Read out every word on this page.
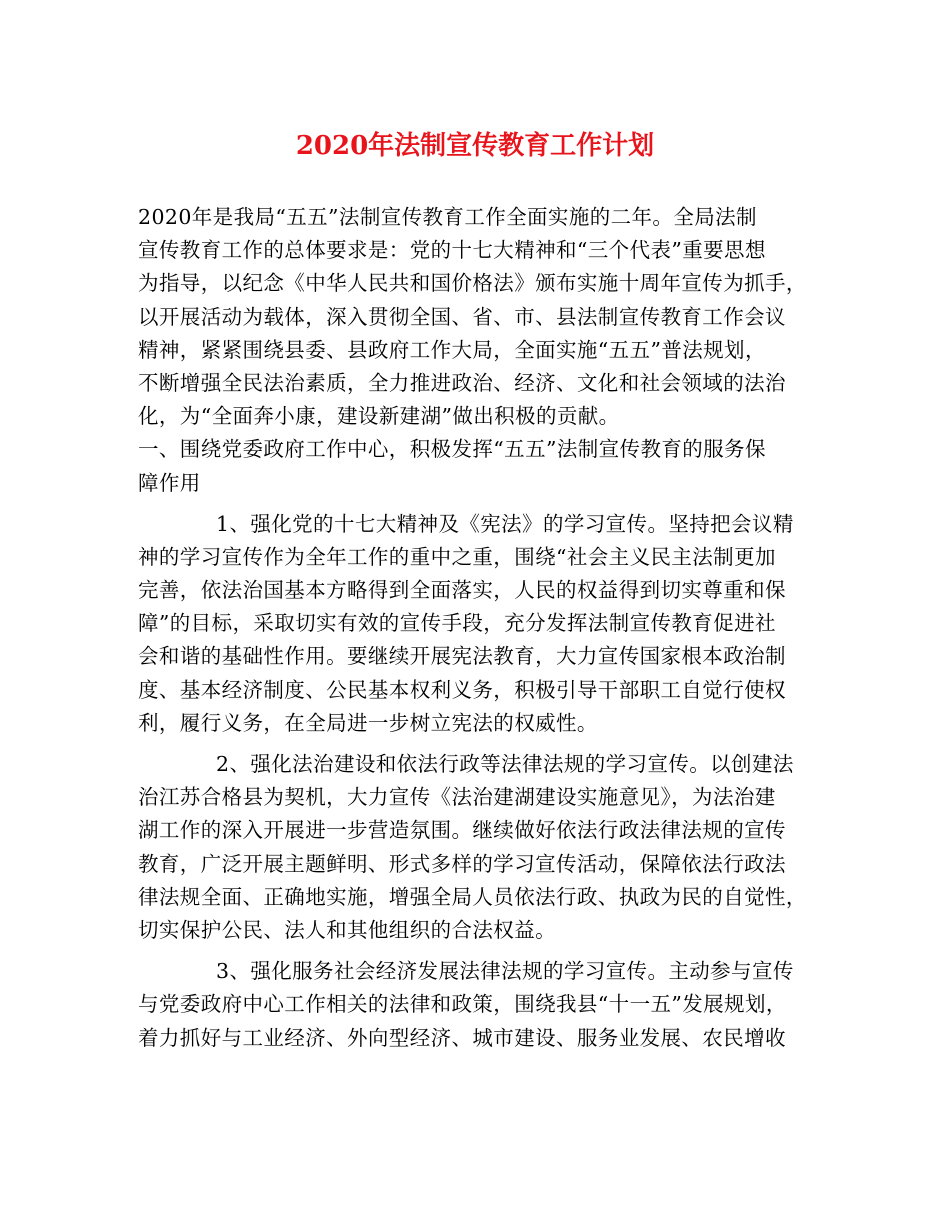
2020年法制宣传教育工作计划
2020年是我局“五五”法制宣传教育工作全面实施的二年。全局法制
宣传教育工作的总体要求是：党的十七大精神和“三个代表”重要思想
为指导，以纪念《中华人民共和国价格法》颁布实施十周年宣传为抓手，
以开展活动为载体，深入贯彻全国、省、市、县法制宣传教育工作会议
精神，紧紧围绕县委、县政府工作大局，全面实施“五五”普法规划，
不断增强全民法治素质，全力推进政治、经济、文化和社会领域的法治
化，为“全面奔小康，建设新建湖”做出积极的贡献。
一、围绕党委政府工作中心，积极发挥“五五”法制宣传教育的服务保
障作用
1、强化党的十七大精神及《宪法》的学习宣传。坚持把会议精
神的学习宣传作为全年工作的重中之重，围绕“社会主义民主法制更加
完善，依法治国基本方略得到全面落实，人民的权益得到切实尊重和保
障”的目标，采取切实有效的宣传手段，充分发挥法制宣传教育促进社
会和谐的基础性作用。要继续开展宪法教育，大力宣传国家根本政治制
度、基本经济制度、公民基本权利义务，积极引导干部职工自觉行使权
利，履行义务，在全局进一步树立宪法的权威性。
2、强化法治建设和依法行政等法律法规的学习宣传。以创建法
治江苏合格县为契机，大力宣传《法治建湖建设实施意见》，为法治建
湖工作的深入开展进一步营造氛围。继续做好依法行政法律法规的宣传
教育，广泛开展主题鲜明、形式多样的学习宣传活动，保障依法行政法
律法规全面、正确地实施，增强全局人员依法行政、执政为民的自觉性，
切实保护公民、法人和其他组织的合法权益。
3、强化服务社会经济发展法律法规的学习宣传。主动参与宣传
与党委政府中心工作相关的法律和政策，围绕我县“十一五”发展规划，
着力抓好与工业经济、外向型经济、城市建设、服务业发展、农民增收
